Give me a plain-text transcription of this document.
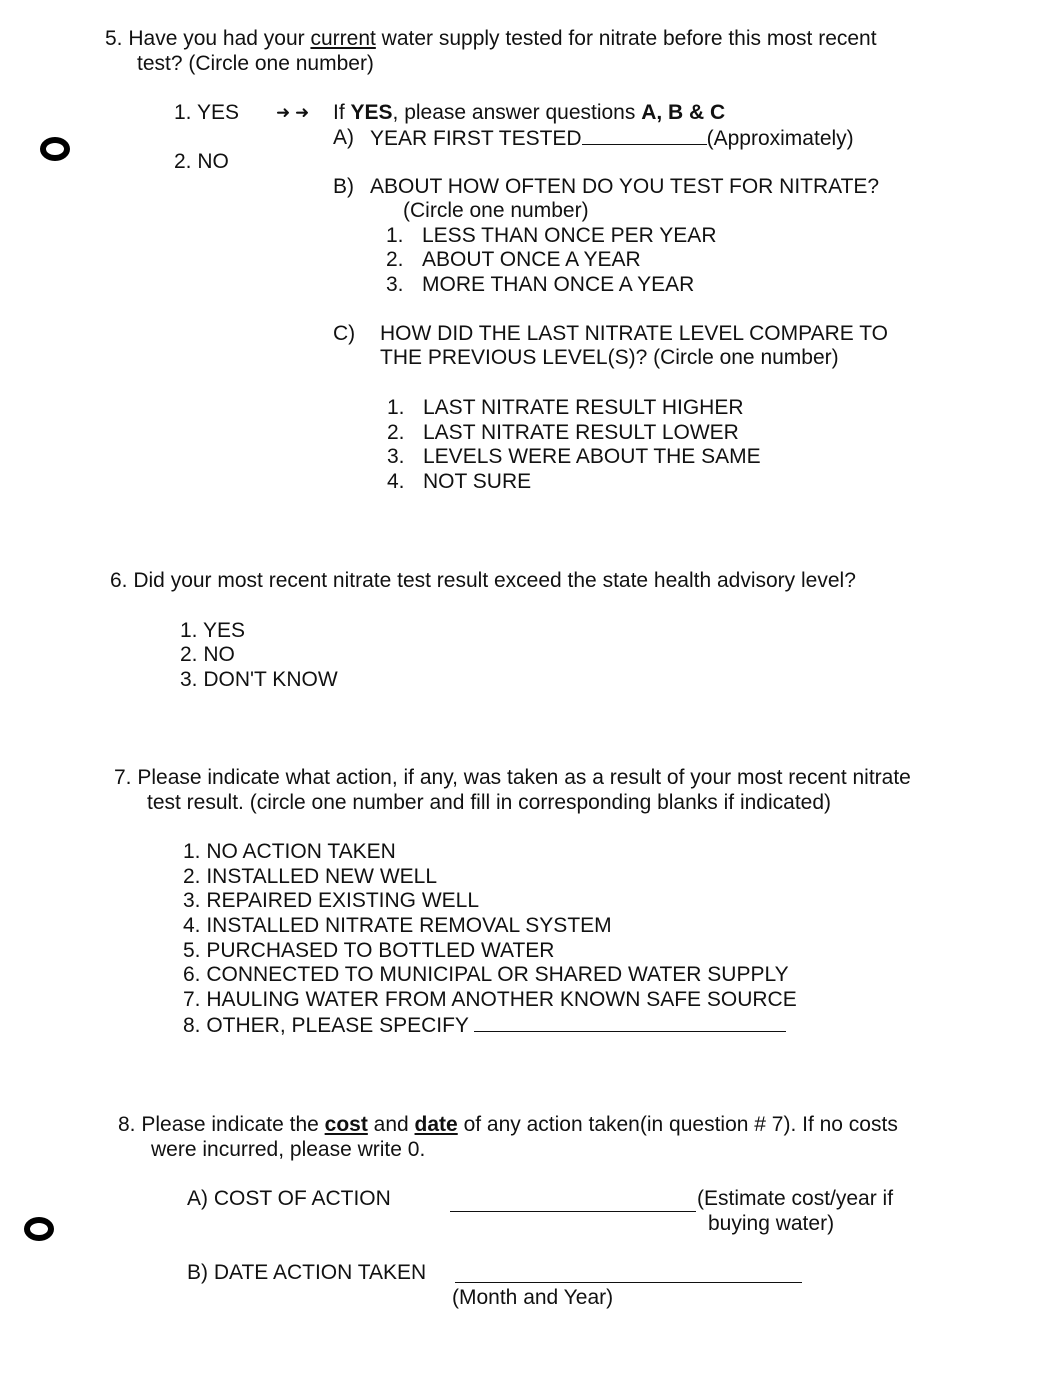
5. Have you had your current water supply tested for nitrate before this most recent
test? (Circle one number)
1. YES ➜ ➜ If YES, please answer questions A, B & C
2. NO
A) YEAR FIRST TESTED	(Approximately)
B) ABOUT HOW OFTEN DO YOU TEST FOR NITRATE?
(Circle one number)
1. LESS THAN ONCE PER YEAR
2. ABOUT ONCE A YEAR
3. MORE THAN ONCE A YEAR
C) HOW DID THE LAST NITRATE LEVEL COMPARE TO
THE PREVIOUS LEVEL(S)? (Circle one number)
1. LAST NITRATE RESULT HIGHER
2. LAST NITRATE RESULT LOWER
3. LEVELS WERE ABOUT THE SAME
4. NOT SURE
6. Did your most recent nitrate test result exceed the state health advisory level?
1. YES
2. NO
3. DON'T KNOW
7. Please indicate what action, if any, was taken as a result of your most recent nitrate
test result. (circle one number and fill in corresponding blanks if indicated)
1. NO ACTION TAKEN
2. INSTALLED NEW WELL
3. REPAIRED EXISTING WELL
4. INSTALLED NITRATE REMOVAL SYSTEM
5. PURCHASED TO BOTTLED WATER
6. CONNECTED TO MUNICIPAL OR SHARED WATER SUPPLY
7. HAULING WATER FROM ANOTHER KNOWN SAFE SOURCE
8. OTHER, PLEASE SPECIFY
8. Please indicate the cost and date of any action taken(in question # 7). If no costs
were incurred, please write 0.
A) COST OF ACTION	(Estimate cost/year if
buying water)
B) DATE ACTION TAKEN
(Month and Year)
